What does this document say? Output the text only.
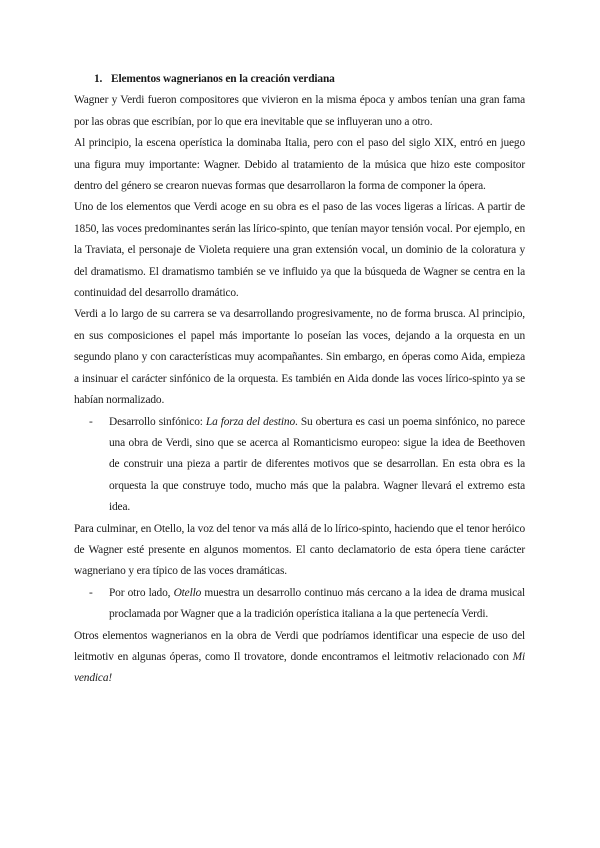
1. Elementos wagnerianos en la creación verdiana

Wagner y Verdi fueron compositores que vivieron en la misma época y ambos tenían una gran fama por las obras que escribían, por lo que era inevitable que se influyeran uno a otro.

Al principio, la escena operística la dominaba Italia, pero con el paso del siglo XIX, entró en juego una figura muy importante: Wagner. Debido al tratamiento de la música que hizo este compositor dentro del género se crearon nuevas formas que desarrollaron la forma de componer la ópera.

Uno de los elementos que Verdi acoge en su obra es el paso de las voces ligeras a líricas. A partir de 1850, las voces predominantes serán las lírico-spinto, que tenían mayor tensión vocal. Por ejemplo, en la Traviata, el personaje de Violeta requiere una gran extensión vocal, un dominio de la coloratura y del dramatismo. El dramatismo también se ve influido ya que la búsqueda de Wagner se centra en la continuidad del desarrollo dramático.

Verdi a lo largo de su carrera se va desarrollando progresivamente, no de forma brusca. Al principio, en sus composiciones el papel más importante lo poseían las voces, dejando a la orquesta en un segundo plano y con características muy acompañantes. Sin embargo, en óperas como Aida, empieza a insinuar el carácter sinfónico de la orquesta. Es también en Aida donde las voces lírico-spinto ya se habían normalizado.

-	Desarrollo sinfónico: La forza del destino. Su obertura es casi un poema sinfónico, no parece una obra de Verdi, sino que se acerca al Romanticismo europeo: sigue la idea de Beethoven de construir una pieza a partir de diferentes motivos que se desarrollan. En esta obra es la orquesta la que construye todo, mucho más que la palabra. Wagner llevará el extremo esta idea.

Para culminar, en Otello, la voz del tenor va más allá de lo lírico-spinto, haciendo que el tenor heróico de Wagner esté presente en algunos momentos. El canto declamatorio de esta ópera tiene carácter wagneriano y era típico de las voces dramáticas.

-	Por otro lado, Otello muestra un desarrollo continuo más cercano a la idea de drama musical proclamada por Wagner que a la tradición operística italiana a la que pertenecía Verdi.

Otros elementos wagnerianos en la obra de Verdi que podríamos identificar una especie de uso del leitmotiv en algunas óperas, como Il trovatore, donde encontramos el leitmotiv relacionado con Mi vendica!
